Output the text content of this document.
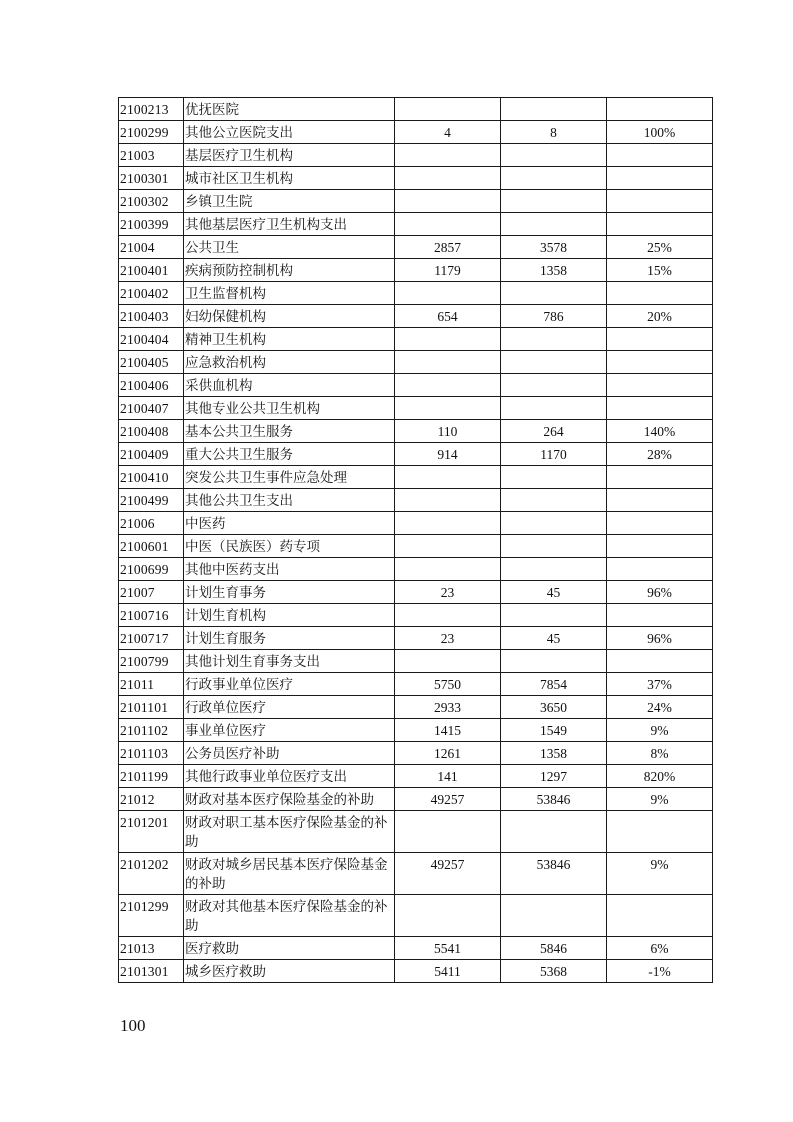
2100213	优抚医院			
2100299	其他公立医院支出	4	8	100%
21003	基层医疗卫生机构			
2100301	城市社区卫生机构			
2100302	乡镇卫生院			
2100399	其他基层医疗卫生机构支出			
21004	公共卫生	2857	3578	25%
2100401	疾病预防控制机构	1179	1358	15%
2100402	卫生监督机构			
2100403	妇幼保健机构	654	786	20%
2100404	精神卫生机构			
2100405	应急救治机构			
2100406	采供血机构			
2100407	其他专业公共卫生机构			
2100408	基本公共卫生服务	110	264	140%
2100409	重大公共卫生服务	914	1170	28%
2100410	突发公共卫生事件应急处理			
2100499	其他公共卫生支出			
21006	中医药			
2100601	中医（民族医）药专项			
2100699	其他中医药支出			
21007	计划生育事务	23	45	96%
2100716	计划生育机构			
2100717	计划生育服务	23	45	96%
2100799	其他计划生育事务支出			
21011	行政事业单位医疗	5750	7854	37%
2101101	行政单位医疗	2933	3650	24%
2101102	事业单位医疗	1415	1549	9%
2101103	公务员医疗补助	1261	1358	8%
2101199	其他行政事业单位医疗支出	141	1297	820%
21012	财政对基本医疗保险基金的补助	49257	53846	9%
2101201	财政对职工基本医疗保险基金的补助			
2101202	财政对城乡居民基本医疗保险基金的补助	49257	53846	9%
2101299	财政对其他基本医疗保险基金的补助			
21013	医疗救助	5541	5846	6%
2101301	城乡医疗救助	5411	5368	-1%
100
